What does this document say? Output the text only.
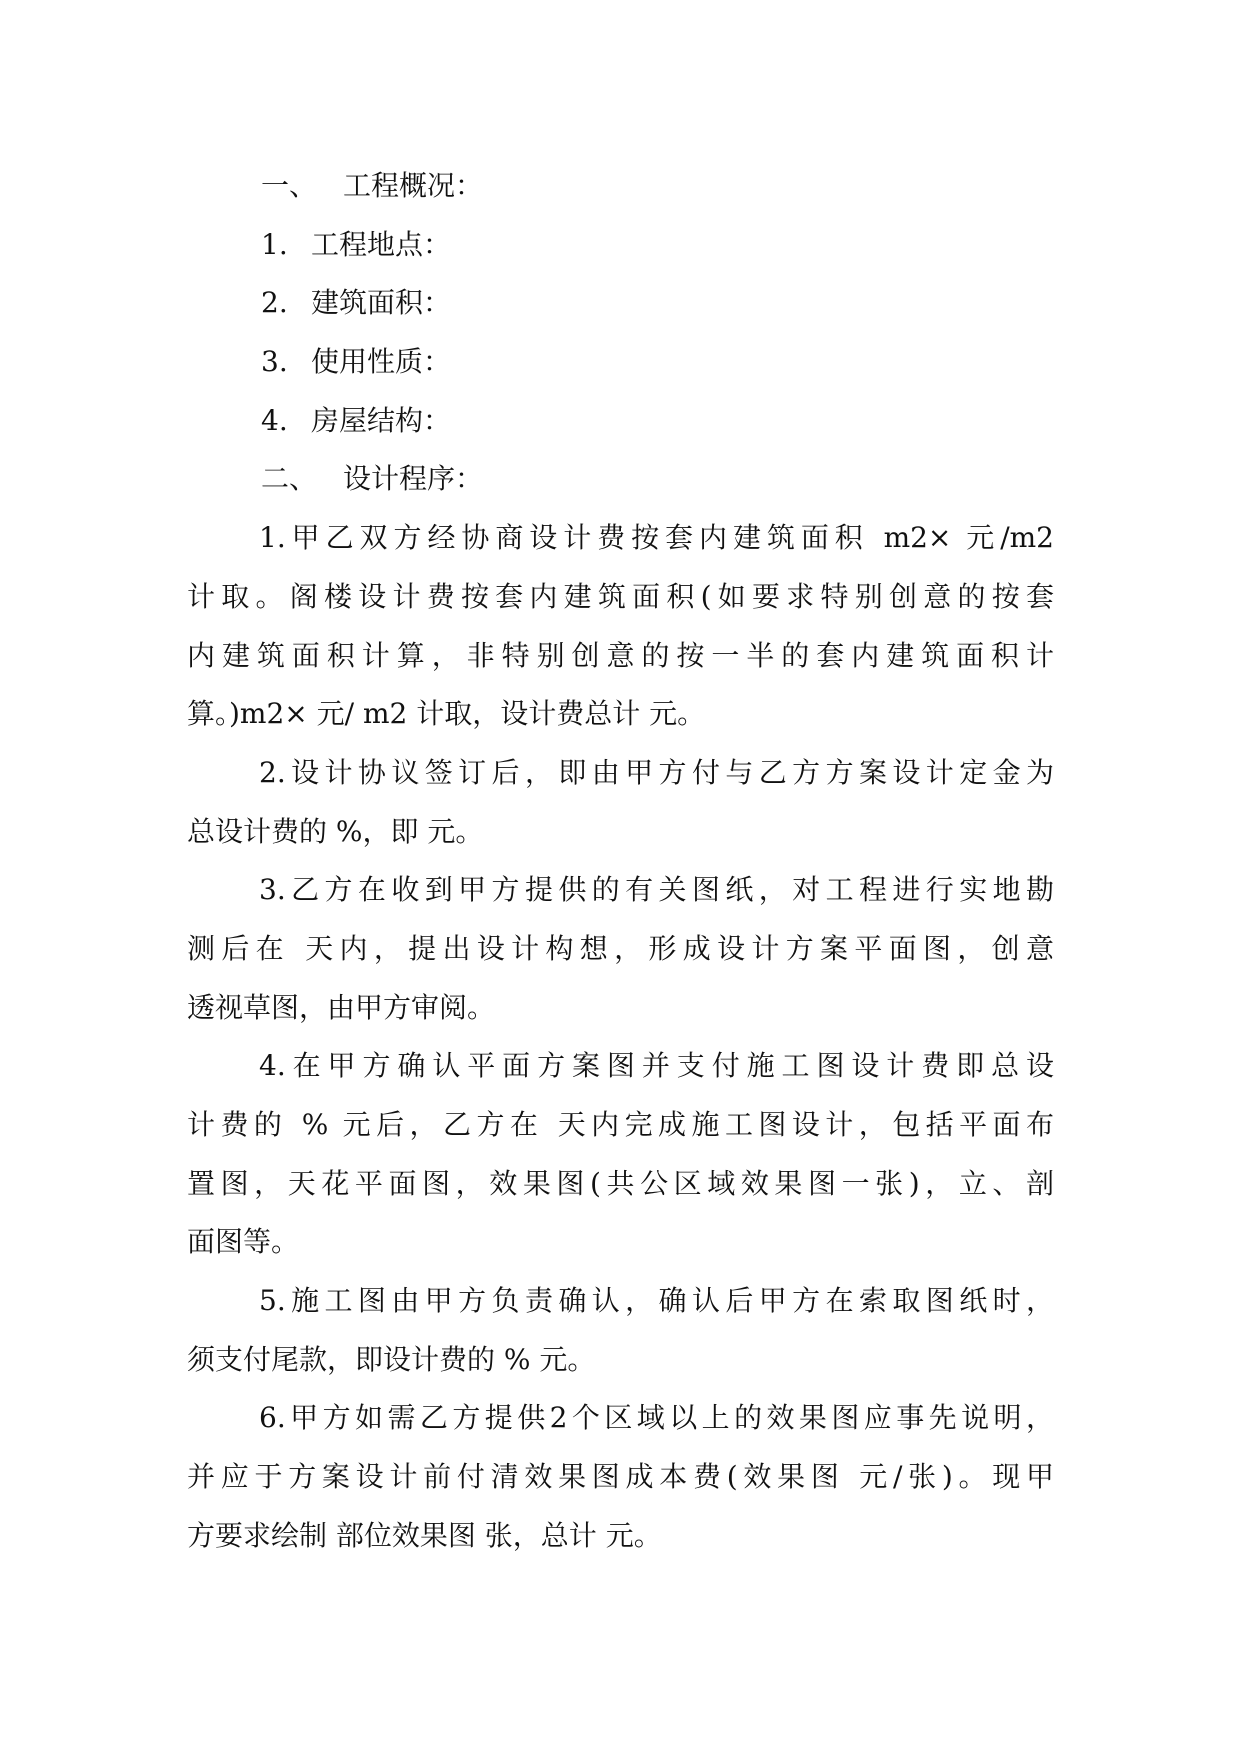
一、 工程概况：
1. 工程地点：
2. 建筑面积：
3. 使用性质：
4. 房屋结构：
二、 设计程序：
1.甲乙双方经协商设计费按套内建筑面积 m2× 元/m2
计取。阁楼设计费按套内建筑面积(如要求特别创意的按套
内建筑面积计算，非特别创意的按一半的套内建筑面积计
算。)m2× 元/ m2 计取，设计费总计 元。
2.设计协议签订后，即由甲方付与乙方方案设计定金为
总设计费的 %，即 元。
3.乙方在收到甲方提供的有关图纸，对工程进行实地勘
测后在 天内，提出设计构想，形成设计方案平面图，创意
透视草图，由甲方审阅。
4.在甲方确认平面方案图并支付施工图设计费即总设
计费的 % 元后，乙方在 天内完成施工图设计，包括平面布
置图，天花平面图，效果图(共公区域效果图一张)，立、剖
面图等。
5.施工图由甲方负责确认，确认后甲方在索取图纸时，
须支付尾款，即设计费的 % 元。
6.甲方如需乙方提供2个区域以上的效果图应事先说明，
并应于方案设计前付清效果图成本费(效果图 元/张)。现甲
方要求绘制 部位效果图 张，总计 元。
